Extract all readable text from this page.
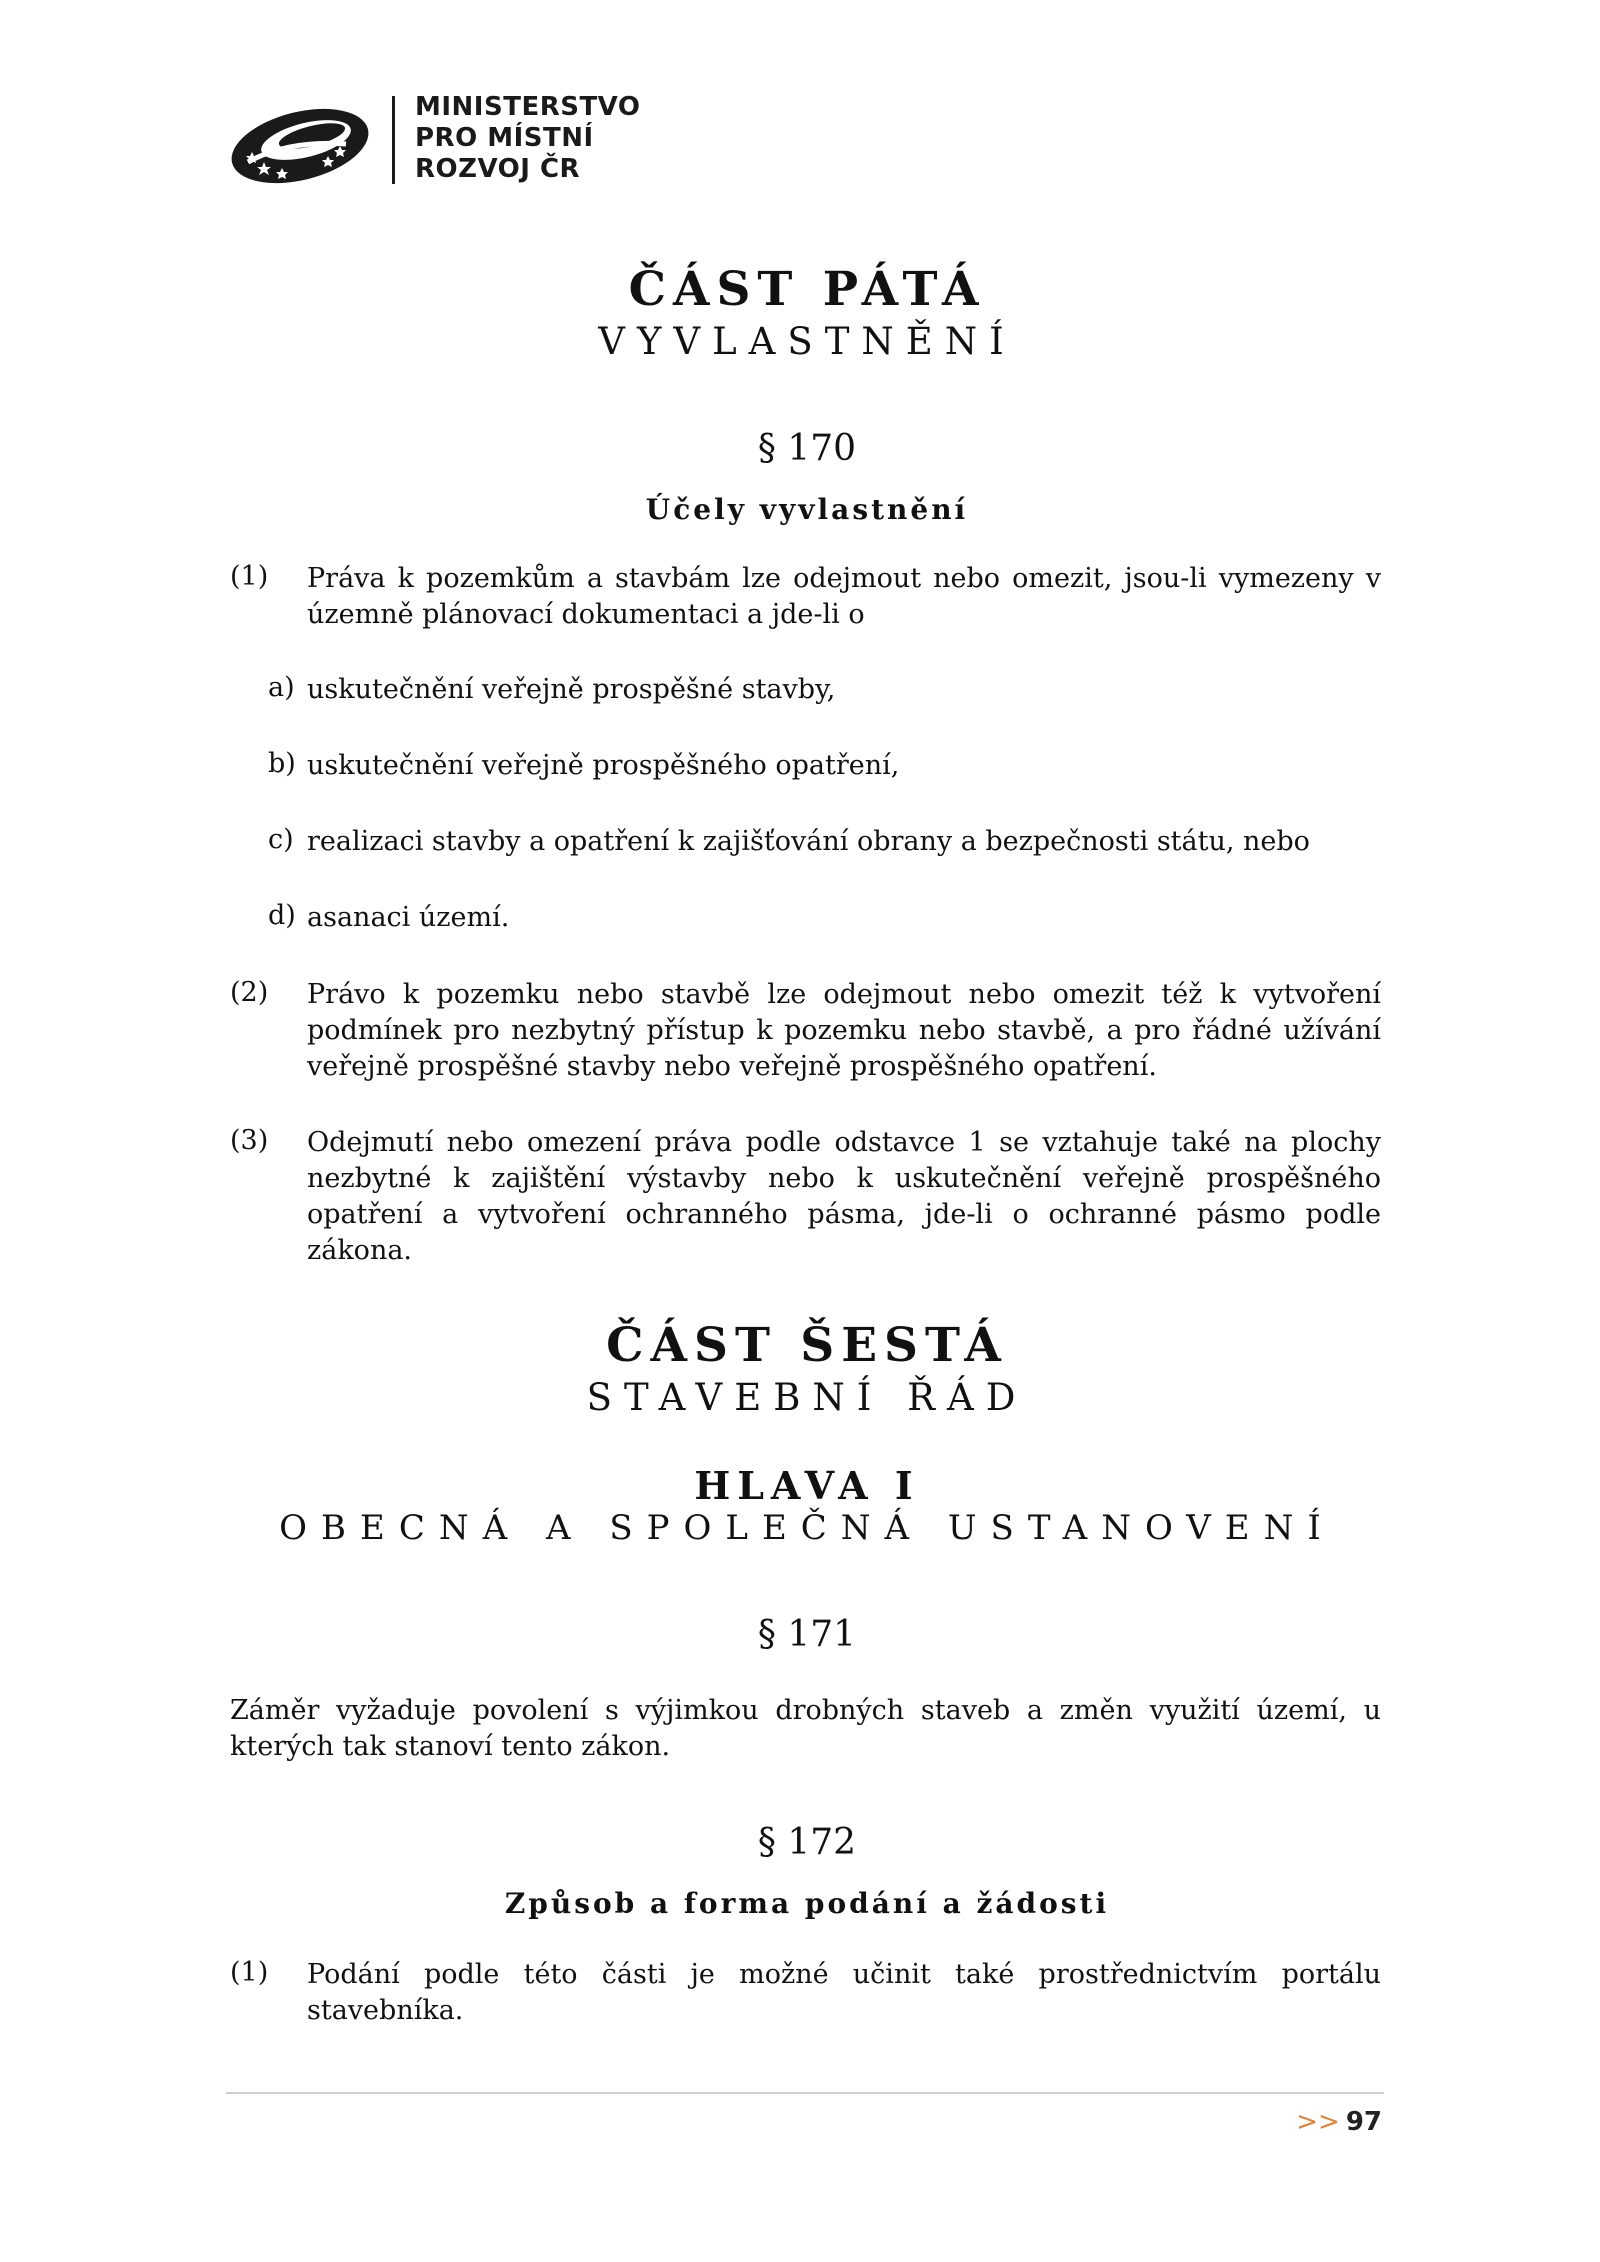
MINISTERSTVO
PRO MÍSTNÍ
ROZVOJ ČR
ČÁST PÁTÁ
VYVLASTNĚNÍ
§ 170
Účely vyvlastnění
(1) Práva k pozemkům a stavbám lze odejmout nebo omezit, jsou-li vymezeny v územně plánovací dokumentaci a jde-li o
a) uskutečnění veřejně prospěšné stavby,
b) uskutečnění veřejně prospěšného opatření,
c) realizaci stavby a opatření k zajišťování obrany a bezpečnosti státu, nebo
d) asanaci území.
(2) Právo k pozemku nebo stavbě lze odejmout nebo omezit též k vytvoření podmínek pro nezbytný přístup k pozemku nebo stavbě, a pro řádné užívání veřejně prospěšné stavby nebo veřejně prospěšného opatření.
(3) Odejmutí nebo omezení práva podle odstavce 1 se vztahuje také na plochy nezbytné k zajištění výstavby nebo k uskutečnění veřejně prospěšného opatření a vytvoření ochranného pásma, jde-li o ochranné pásmo podle zákona.
ČÁST ŠESTÁ
STAVEBNÍ ŘÁD
HLAVA I
OBECNÁ A SPOLEČNÁ USTANOVENÍ
§ 171
Záměr vyžaduje povolení s výjimkou drobných staveb a změn využití území, u kterých tak stanoví tento zákon.
§ 172
Způsob a forma podání a žádosti
(1) Podání podle této části je možné učinit také prostřednictvím portálu stavebníka.
>> 97
